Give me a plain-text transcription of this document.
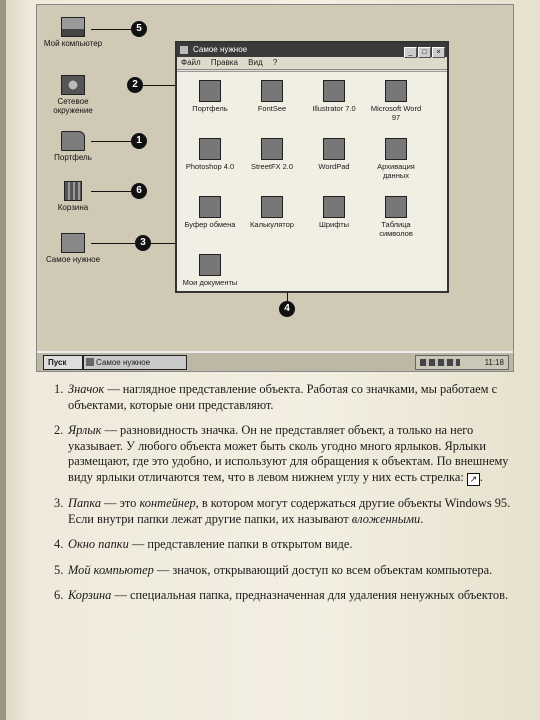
Мой компьютер
Сетевое окружение
Портфель
Корзина
Самое нужное
5
2
1
6
3
4
Самое нужное	_ □ ×
Файл Правка Вид ?
Портфель	FontSee	Illustrator 7.0	Microsoft Word 97
Photoshop 4.0	StreetFX 2.0	WordPad	Архивация данных
Буфер обмена	Калькулятор	Шрифты	Таблица символов
Мои документы
Пуск	Самое нужное	11:18
1. Значок — наглядное представление объекта. Работая со значками, мы работаем с объектами, которые они представляют.
2. Ярлык — разновидность значка. Он не представляет объект, а только на него указывает. У любого объекта может быть сколь угодно много ярлыков. Ярлыки размещают, где это удобно, и используют для обращения к объектам. По внешнему виду ярлыки отличаются тем, что в левом нижнем углу у них есть стрелка: ↗ .
3. Папка — это контейнер, в котором могут содержаться другие объекты Windows 95. Если внутри папки лежат другие папки, их называют вложенными.
4. Окно папки — представление папки в открытом виде.
5. Мой компьютер — значок, открывающий доступ ко всем объектам компьютера.
6. Корзина — специальная папка, предназначенная для удаления ненужных объектов.
